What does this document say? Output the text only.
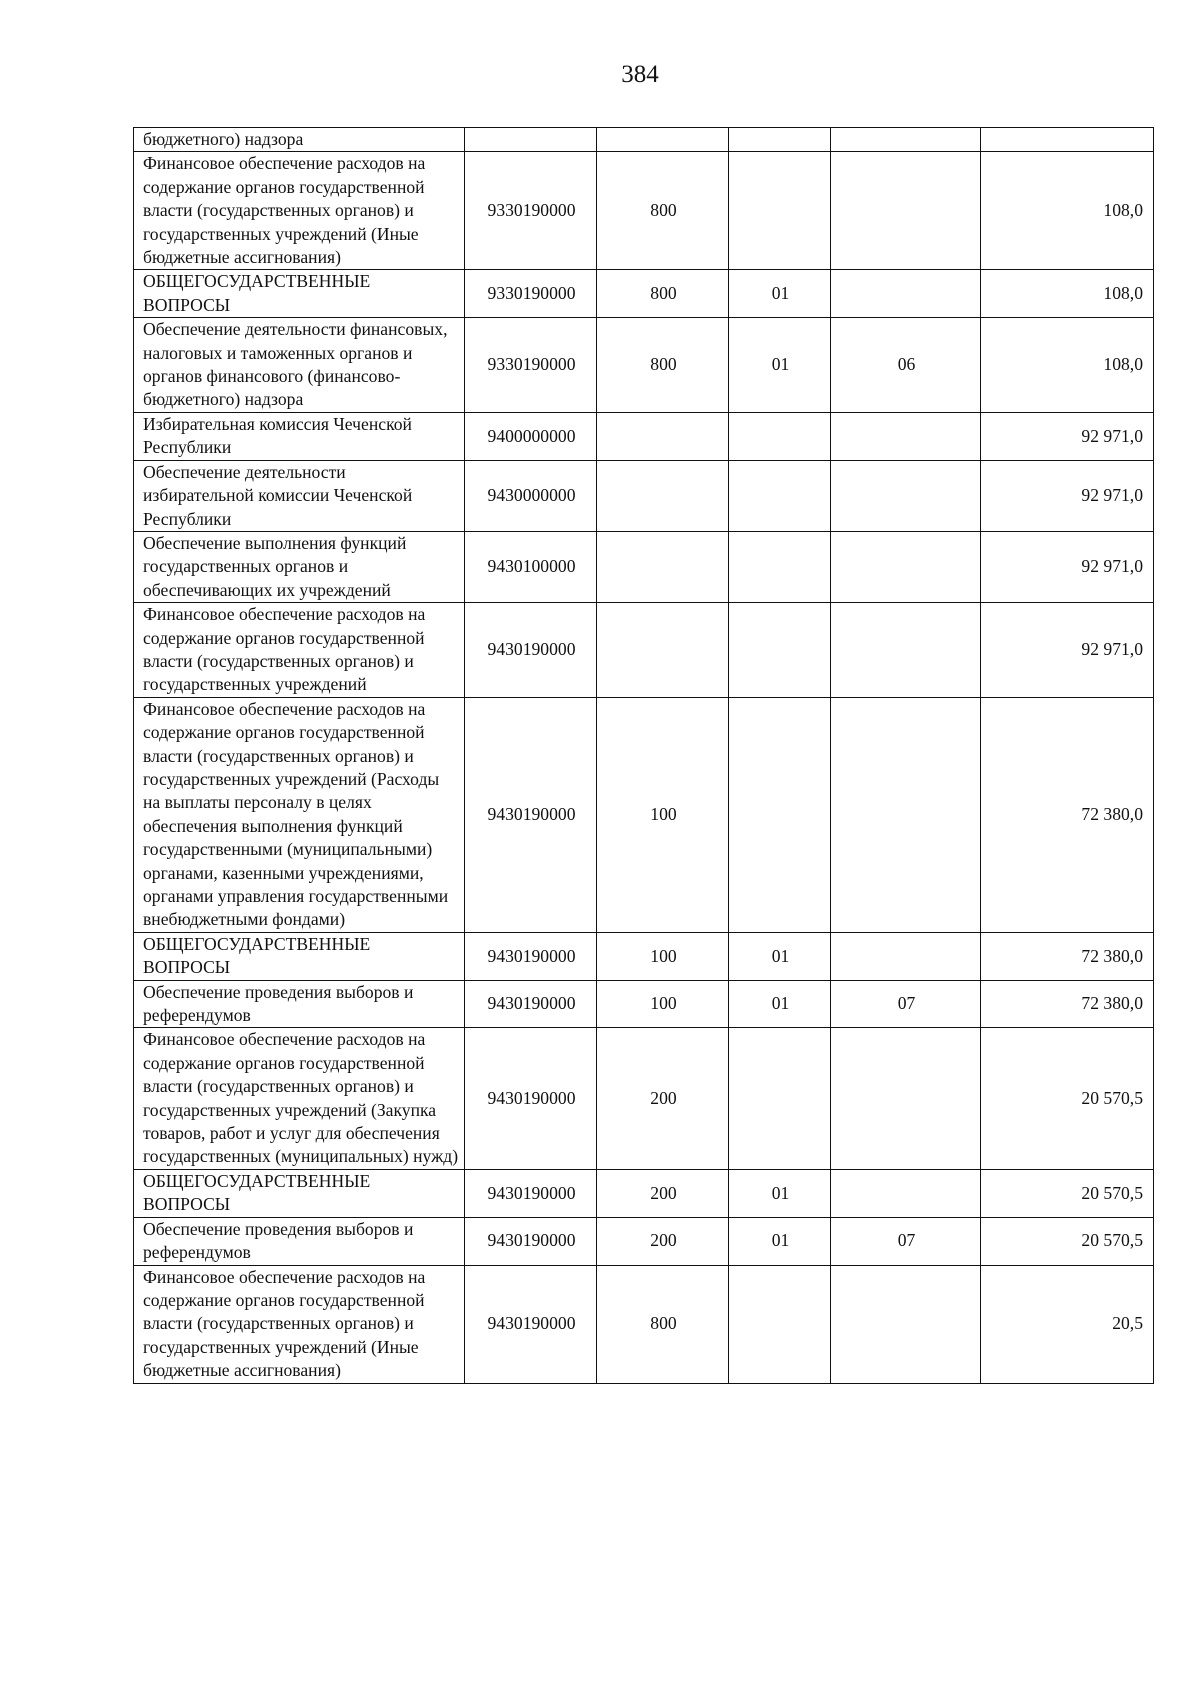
384
бюджетного) надзора					
Финансовое обеспечение расходов на содержание органов государственной власти (государственных органов) и государственных учреждений (Иные бюджетные ассигнования)	9330190000	800			108,0
ОБЩЕГОСУДАРСТВЕННЫЕ ВОПРОСЫ	9330190000	800	01		108,0
Обеспечение деятельности финансовых, налоговых и таможенных органов и органов финансового (финансово-бюджетного) надзора	9330190000	800	01	06	108,0
Избирательная комиссия Чеченской Республики	9400000000				92 971,0
Обеспечение деятельности избирательной комиссии Чеченской Республики	9430000000				92 971,0
Обеспечение выполнения функций государственных органов и обеспечивающих их учреждений	9430100000				92 971,0
Финансовое обеспечение расходов на содержание органов государственной власти (государственных органов) и государственных учреждений	9430190000				92 971,0
Финансовое обеспечение расходов на содержание органов государственной власти (государственных органов) и государственных учреждений (Расходы на выплаты персоналу в целях обеспечения выполнения функций государственными (муниципальными) органами, казенными учреждениями, органами управления государственными внебюджетными фондами)	9430190000	100			72 380,0
ОБЩЕГОСУДАРСТВЕННЫЕ ВОПРОСЫ	9430190000	100	01		72 380,0
Обеспечение проведения выборов и референдумов	9430190000	100	01	07	72 380,0
Финансовое обеспечение расходов на содержание органов государственной власти (государственных органов) и государственных учреждений (Закупка товаров, работ и услуг для обеспечения государственных (муниципальных) нужд)	9430190000	200			20 570,5
ОБЩЕГОСУДАРСТВЕННЫЕ ВОПРОСЫ	9430190000	200	01		20 570,5
Обеспечение проведения выборов и референдумов	9430190000	200	01	07	20 570,5
Финансовое обеспечение расходов на содержание органов государственной власти (государственных органов) и государственных учреждений (Иные бюджетные ассигнования)	9430190000	800			20,5
